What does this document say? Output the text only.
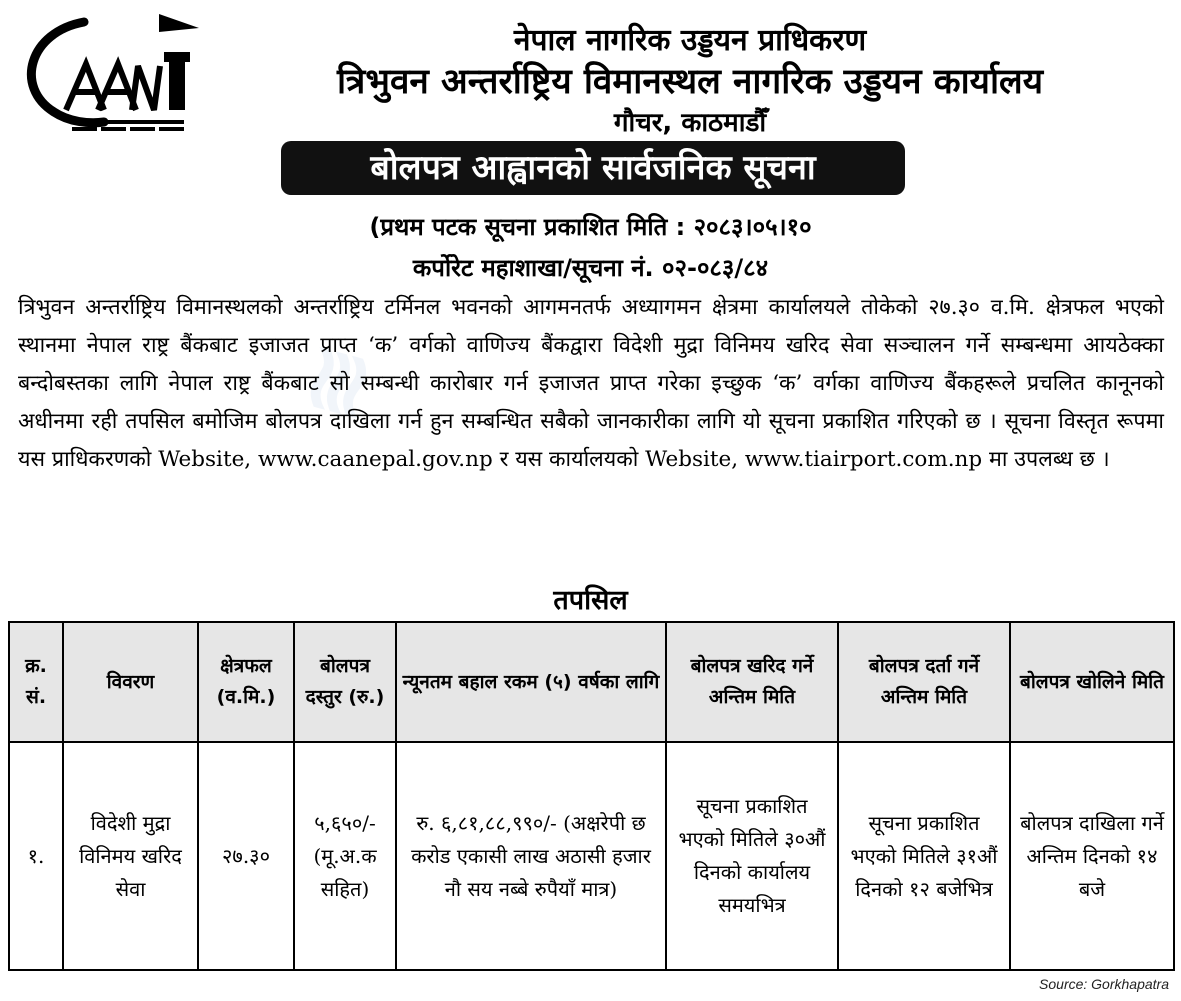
≋
नेपाल नागरिक उड्डयन प्राधिकरण
त्रिभुवन अन्तर्राष्ट्रिय विमानस्थल नागरिक उड्डयन कार्यालय
गौचर, काठमाडौँ
बोलपत्र आह्वानको सार्वजनिक सूचना
(प्रथम पटक सूचना प्रकाशित मिति : २०८३।०५।१०
कर्पोरेट महाशाखा/सूचना नं. ०२-०८३/८४
त्रिभुवन अन्तर्राष्ट्रिय विमानस्थलको अन्तर्राष्ट्रिय टर्मिनल भवनको आगमनतर्फ अध्यागमन क्षेत्रमा कार्यालयले तोकेको २७.३० व.मि. क्षेत्रफल भएको स्थानमा नेपाल राष्ट्र बैंकबाट इजाजत प्राप्त ‘क’ वर्गको वाणिज्य बैंकद्वारा विदेशी मुद्रा विनिमय खरिद सेवा सञ्चालन गर्ने सम्बन्धमा आयठेक्का बन्दोबस्तका लागि नेपाल राष्ट्र बैंकबाट सो सम्बन्धी कारोबार गर्न इजाजत प्राप्त गरेका इच्छुक ‘क’ वर्गका वाणिज्य बैंकहरूले प्रचलित कानूनको अधीनमा रही तपसिल बमोजिम बोलपत्र दाखिला गर्न हुन सम्बन्धित सबैको जानकारीका लागि यो सूचना प्रकाशित गरिएको छ । सूचना विस्तृत रूपमा यस प्राधिकरणको Website, www.caanepal.gov.np र यस कार्यालयको Website, www.tiairport.com.np मा उपलब्ध छ ।
तपसिल
क्र. सं.	विवरण	क्षेत्रफल (व.मि.)	बोलपत्र दस्तुर (रु.)	न्यूनतम बहाल रकम (५) वर्षका लागि	बोलपत्र खरिद गर्ने अन्तिम मिति	बोलपत्र दर्ता गर्ने अन्तिम मिति	बोलपत्र खोलिने मिति
१.	विदेशी मुद्रा विनिमय खरिद सेवा	२७.३०	५,६५०/- (मू.अ.क सहित)	रु. ६,८१,८८,९९०/- (अक्षरेपी छ करोड एकासी लाख अठासी हजार नौ सय नब्बे रुपैयाँ मात्र)	सूचना प्रकाशित भएको मितिले ३०औं दिनको कार्यालय समयभित्र	सूचना प्रकाशित भएको मितिले ३१औं दिनको १२ बजेभित्र	बोलपत्र दाखिला गर्ने अन्तिम दिनको १४ बजे
Source: Gorkhapatra
